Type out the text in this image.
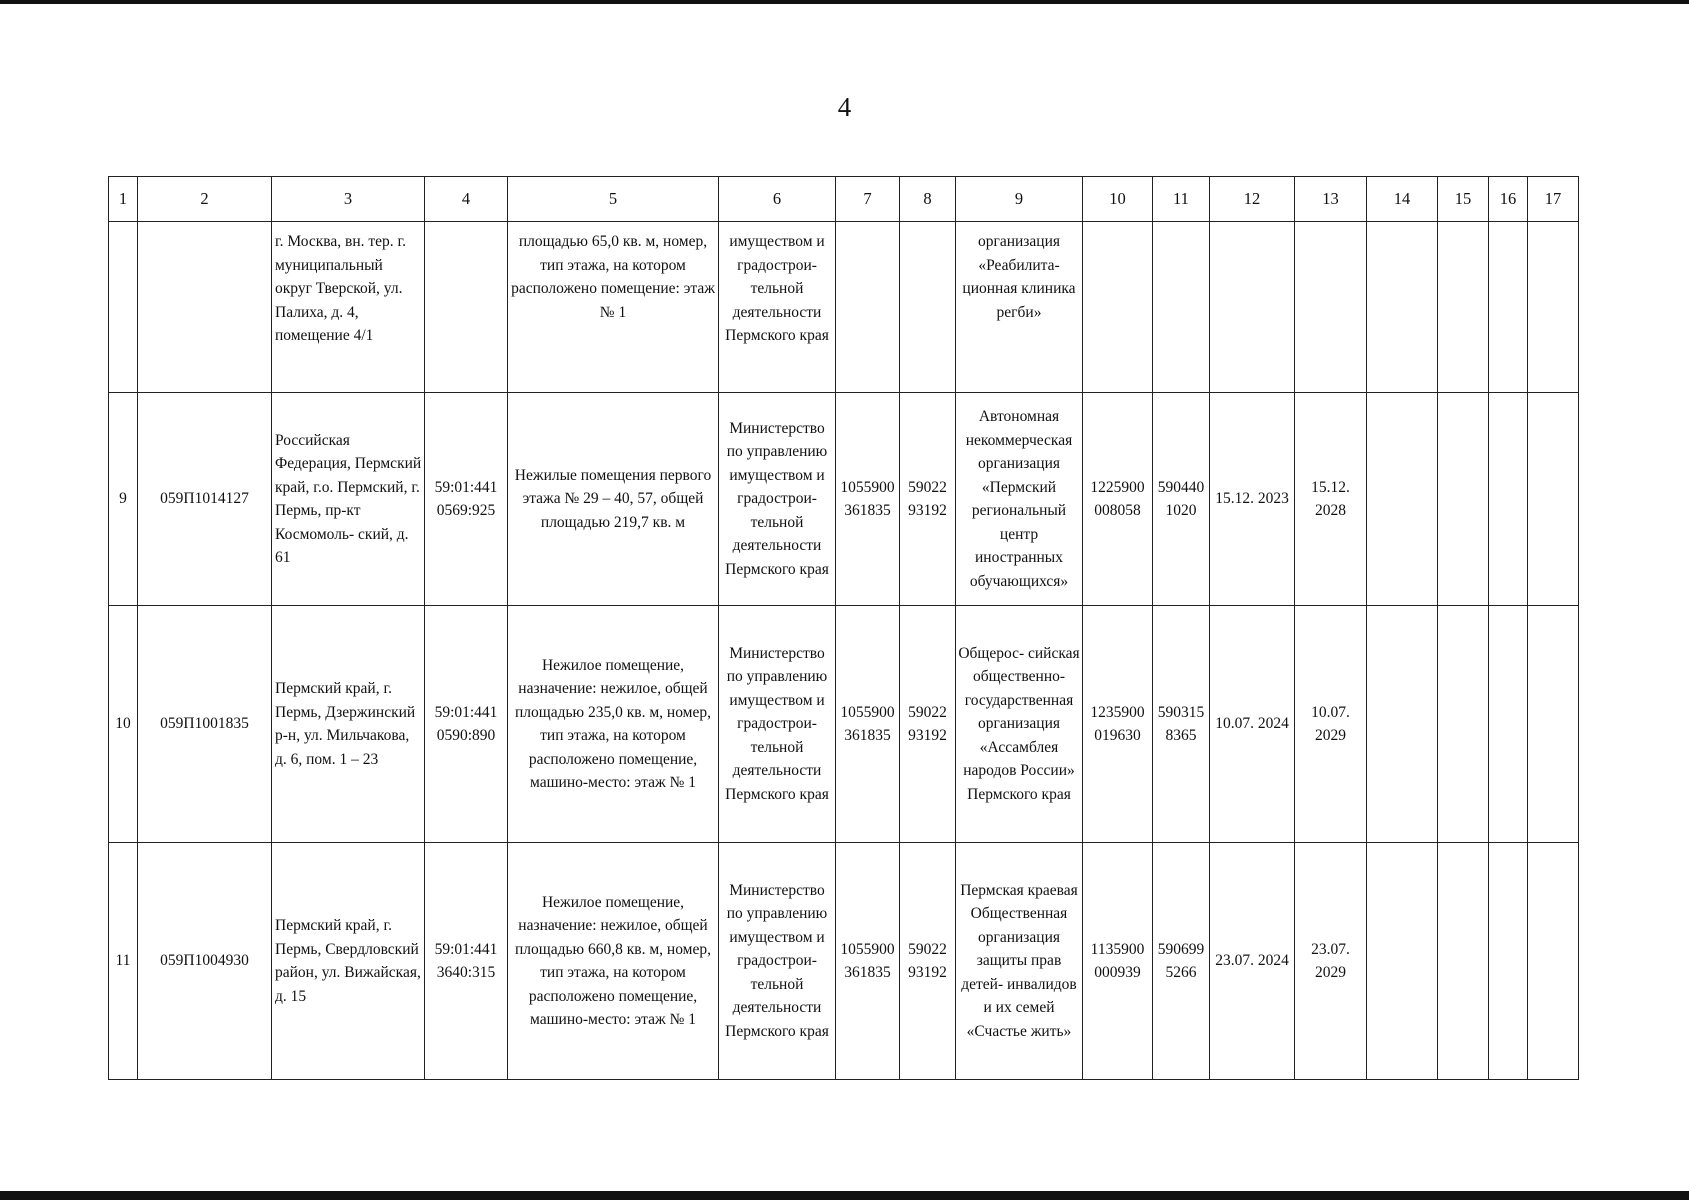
4
1	2	3	4	5	6	7	8	9	10	11	12	13	14	15	16	17
		г. Москва, вн. тер. г. муниципальный округ Тверской, ул. Палиха, д. 4, помещение 4/1		площадью 65,0 кв. м, номер, тип этажа, на котором расположено помещение: этаж № 1	имуществом и градострои- тельной деятельности Пермского края			организация «Реабилита- ционная клиника регби»								
9	059П1014127	Российская Федерация, Пермский край, г.о. Пермский, г. Пермь, пр-кт Космомоль- ский, д. 61	59:01:441 0569:925	Нежилые помещения первого этажа № 29 – 40, 57, общей площадью 219,7 кв. м	Министерство по управлению имуществом и градострои- тельной деятельности Пермского края	1055900 361835	59022 93192	Автономная некоммерческая организация «Пермский региональный центр иностранных обучающихся»	1225900 008058	590440 1020	15.12. 2023	15.12. 2028				
10	059П1001835	Пермский край, г. Пермь, Дзержинский р-н, ул. Мильчакова, д. 6, пом. 1 – 23	59:01:441 0590:890	Нежилое помещение, назначение: нежилое, общей площадью 235,0 кв. м, номер, тип этажа, на котором расположено помещение, машино-место: этаж № 1	Министерство по управлению имуществом и градострои- тельной деятельности Пермского края	1055900 361835	59022 93192	Общерос- сийская общественно- государственная организация «Ассамблея народов России» Пермского края	1235900 019630	590315 8365	10.07. 2024	10.07. 2029				
11	059П1004930	Пермский край, г. Пермь, Свердловский район, ул. Вижайская, д. 15	59:01:441 3640:315	Нежилое помещение, назначение: нежилое, общей площадью 660,8 кв. м, номер, тип этажа, на котором расположено помещение, машино-место: этаж № 1	Министерство по управлению имуществом и градострои- тельной деятельности Пермского края	1055900 361835	59022 93192	Пермская краевая Общественная организация защиты прав детей- инвалидов и их семей «Счастье жить»	1135900 000939	590699 5266	23.07. 2024	23.07. 2029				
